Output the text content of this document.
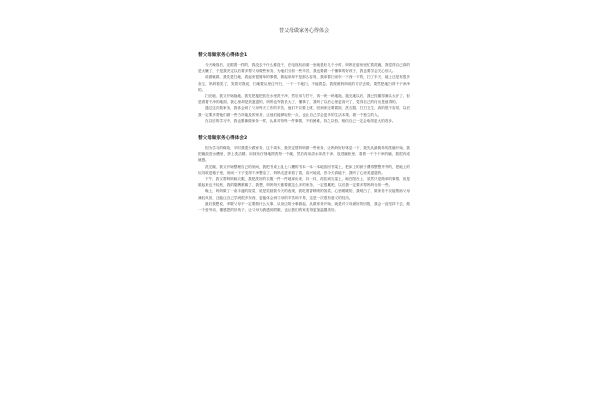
替父母做家务心得体会
替父母做家务心得体会1

今天晚饭后，还跟着一样的，我没去干什么都没干，在电视机前面一坐就是好几个小时，妈妈在厨房里忙着洗碗，我觉得自己真的是太懒了，于是我决定以后要多帮父母做些家务，为他们分担一些辛苦，我也要做一个懂事的好孩子，我也要学会关心别人。

说做就做，我先是扫地，看起来很简单的事情，做起来却不是那么容易，我拿着扫帚东一下西一下的，扫了半天，地上还是有很多灰尘，妈妈看见了，笑着对我说，扫地要从里往外扫，一下一下地扫，不能着急，我按照妈妈说的方法去做，果然把地扫得干干净净的。

扫完地，我又开始拖地，我先把拖把放在水里洗干净，然后用力拧干，再一块一块地拖，拖完地以后，我已经累得满头大汗了，但是看着干净的地面，我心里却是美滋滋的，妈妈也夸我长大了，懂事了，我听了以后心里更高兴了，觉得自己的付出是值得的。

通过这次做家务，我体会到了父母每天工作的辛苦，他们不仅要上班，回到家还要做饭、洗衣服、打扫卫生，真的很不容易，以后我一定要多帮他们做一些力所能及的家务，让他们能够轻松一点，也让自己学会更多的生活本领，做一个独立的人。

在以后的学习中，我也要像做家务一样，认真对待每一件事情，不怕困难，持之以恒，相信自己一定会取得更大的进步。

替父母做家务心得体会2

因为学习的缘故，平时我很少做家务，这个周末，我决定帮妈妈做一些家务，让妈妈好好休息一下，我先从最简单的洗碗开始，我把碗放进水槽里，挤上洗洁精，用抹布仔细地擦洗每一个碗，然后再用清水冲洗干净，放进碗柜里，看着一个个干净的碗，我很有成就感。

洗完碗，我又开始整理自己的房间，我把书桌上乱七八糟的书本一本一本地放回书架上，把床上的被子叠得整整齐齐的，把地上的玩具收进箱子里，房间一下子变得干净整洁了，妈妈走进来看了看，高兴地说，你今天真能干，我听了心里美滋滋的。

下午，我又帮妈妈晾衣服，我把洗好的衣服一件一件地拿出来，抖一抖，再挂到衣架上，晾在阳台上，虽然只是简单的事情，但是做起来也不轻松，我的胳膊都酸了，我想，妈妈每天都要做这么多的家务，一定很累吧，以后我一定要多帮妈妈分担一些。

晚上，妈妈做了一桌丰盛的饭菜，说是奖励我今天的表现，我吃着香喷喷的饭菜，心里暖暖的，我明白了，做家务不仅能帮助父母减轻负担，还能让自己学到很多东西，更能体会到父母的辛苦和不易，这是一次很有意义的经历。

最后我想说，孝敬父母不一定要做什么大事，从身边的小事做起，从做家务开始，就是对父母最好的回报，我会一直坚持下去，做一个爱劳动、懂感恩的好孩子，让父母为我感到骄傲，也让我们的家变得更加温馨美好。
